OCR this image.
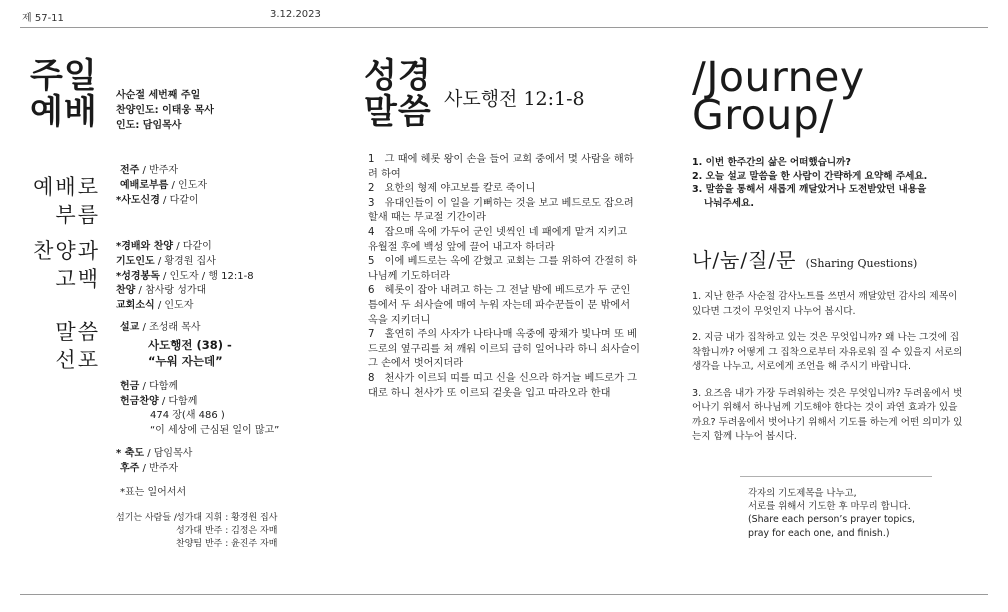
제 57-11	3.12.2023
주일
예배 사순절 세번째 주일
찬양인도: 이태웅 목사
인도: 담임목사
예배로
부름
전주 / 반주자
예배로부름 / 인도자
*사도신경 / 다같이
찬양과
고백
*경배와 찬양 / 다같이
기도인도 / 황경원 집사
*성경봉독 / 인도자 / 행 12:1-8
찬양 / 참사랑 성가대
교회소식 / 인도자
말씀
선포
설교 / 조성래 목사
사도행전 (38) -
“누워 자는데”
헌금 / 다함께
헌금찬양 / 다함께
474 장(새 486 )
“이 세상에 근심된 일이 많고”
* 축도 / 담임목사
후주 / 반주자
*표는 일어서서
섬기는 사람들 / 성가대 지휘 : 황경원 집사
성가대 반주 : 김정은 자매
찬양팀 반주 : 윤진주 자매
성경
말씀 사도행전 12:1-8

1　그 때에 헤롯 왕이 손을 들어 교회 중에서 몇 사람을 해하려 하여

2　요한의 형제 야고보를 칼로 죽이니

3　유대인들이 이 일을 기뻐하는 것을 보고 베드로도 잡으려 할새 때는 무교절 기간이라

4　잡으매 옥에 가두어 군인 넷씩인 네 패에게 맡겨 지키고 유월절 후에 백성 앞에 끌어 내고자 하더라

5　이에 베드로는 옥에 갇혔고 교회는 그를 위하여 간절히 하나님께 기도하더라

6　헤롯이 잡아 내려고 하는 그 전날 밤에 베드로가 두 군인 틈에서 두 쇠사슬에 매여 누워 자는데 파수꾼들이 문 밖에서 옥을 지키더니

7　홀연히 주의 사자가 나타나매 옥중에 광채가 빛나며 또 베드로의 옆구리를 쳐 깨워 이르되 급히 일어나라 하니 쇠사슬이 그 손에서 벗어지더라

8　천사가 이르되 띠를 띠고 신을 신으라 하거늘 베드로가 그대로 하니 천사가 또 이르되 겉옷을 입고 따라오라 한대

/Journey
Group/
1. 이번 한주간의 삶은 어떠했습니까?
2. 오늘 설교 말씀을 한 사람이 간략하게 요약해 주세요.
3. 말씀을 통해서 새롭게 깨달았거나 도전받았던 내용을
나눠주세요.
나/눔/질/문 (Sharing Questions)

1. 지난 한주 사순절 감사노트를 쓰면서 깨달았던 감사의 제목이 있다면 그것이 무엇인지 나누어 봅시다.

2. 지금 내가 집착하고 있는 것은 무엇입니까? 왜 나는 그것에 집착합니까? 어떻게 그 집착으로부터 자유로워 질 수 있을지 서로의 생각을 나누고, 서로에게 조언을 해 주시기 바랍니다.

3. 요즈음 내가 가장 두려워하는 것은 무엇입니까? 두려움에서 벗어나기 위해서 하나님께 기도해야 한다는 것이 과연 효과가 있을까요? 두려움에서 벗어나기 위해서 기도를 하는게 어떤 의미가 있는지 함께 나누어 봅시다.

각자의 기도제목을 나누고,
서로를 위해서 기도한 후 마무리 합니다.
(Share each person’s prayer topics,
pray for each one, and finish.)
